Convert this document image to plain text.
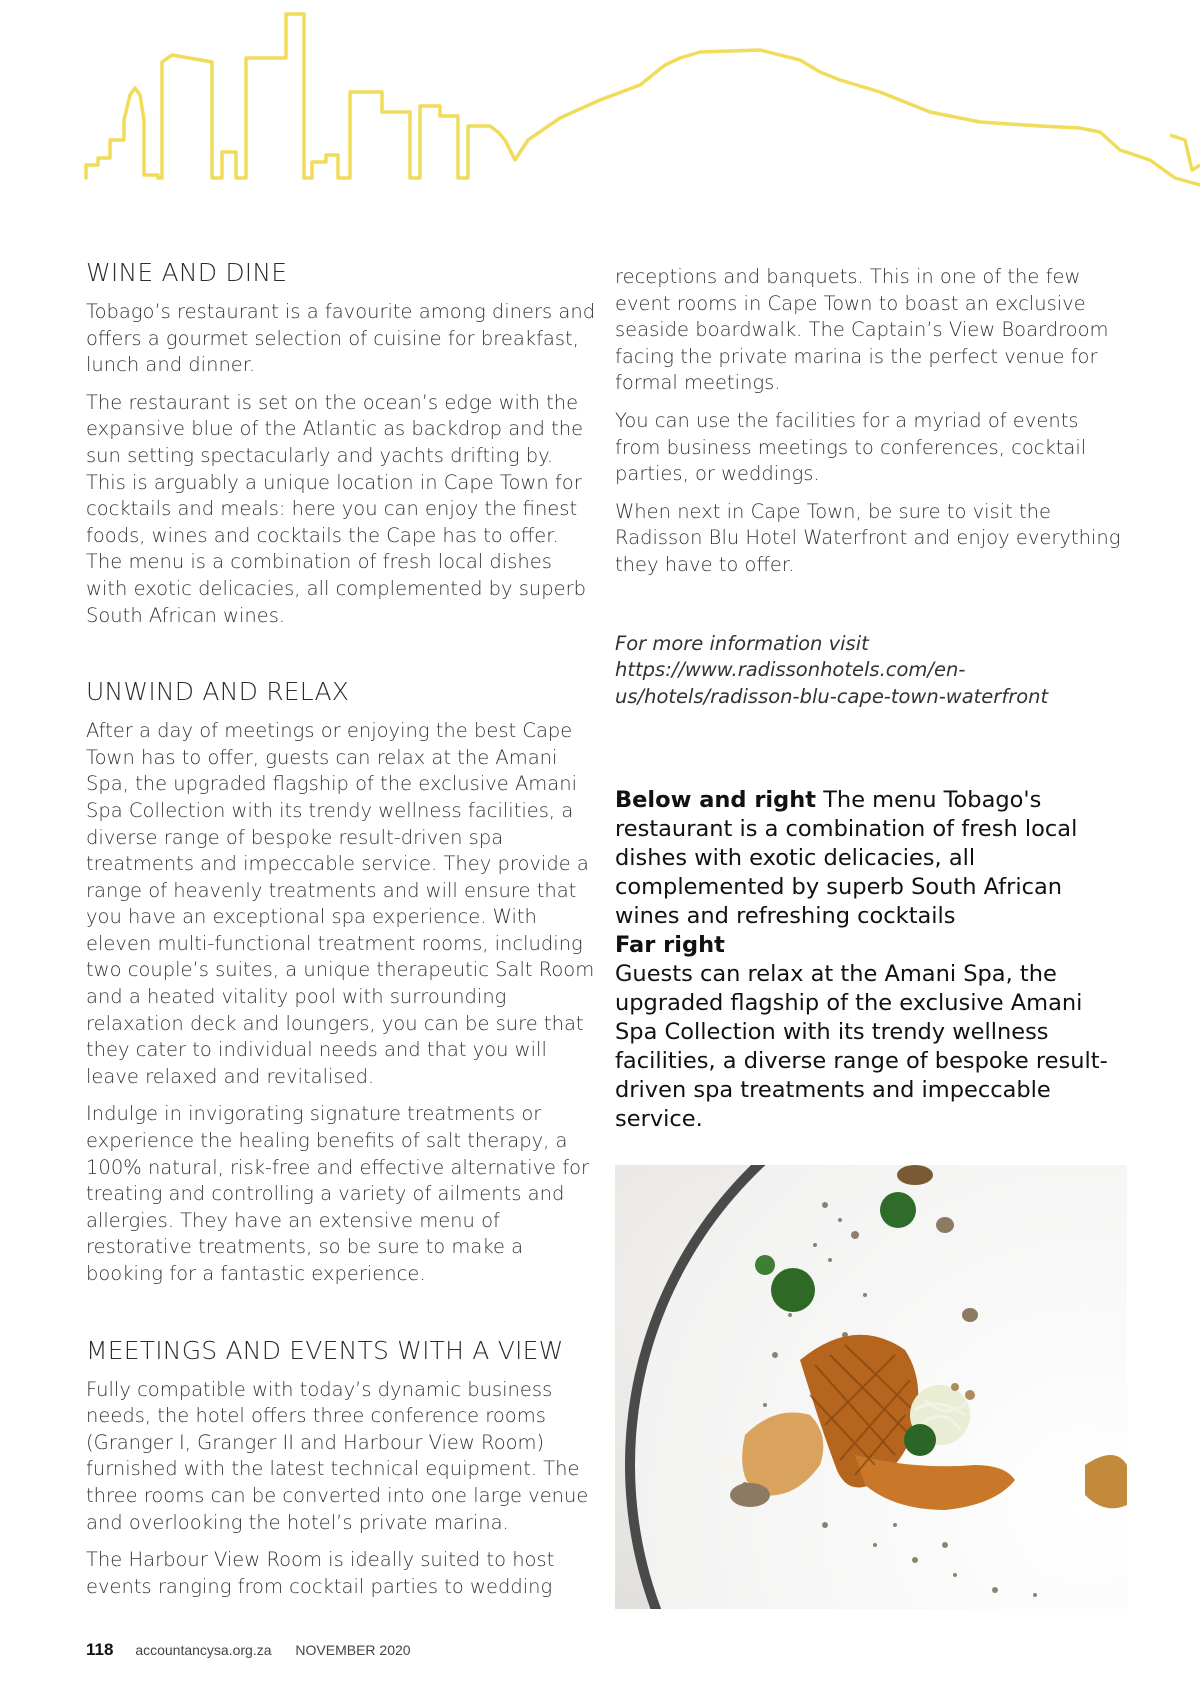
WINE AND DINE

Tobago’s restaurant is a favourite among diners and offers a gourmet selection of cuisine for breakfast, lunch and dinner.

The restaurant is set on the ocean’s edge with the expansive blue of the Atlantic as backdrop and the sun setting spectacularly and yachts drifting by. This is arguably a unique location in Cape Town for cocktails and meals: here you can enjoy the finest foods, wines and cocktails the Cape has to offer. The menu is a combination of fresh local dishes with exotic delicacies, all complemented by superb South African wines.

UNWIND AND RELAX

After a day of meetings or enjoying the best Cape Town has to offer, guests can relax at the Amani Spa, the upgraded flagship of the exclusive Amani Spa Collection with its trendy wellness facilities, a diverse range of bespoke result-driven spa treatments and impeccable service. They provide a range of heavenly treatments and will ensure that you have an exceptional spa experience. With eleven multi-functional treatment rooms, including two couple’s suites, a unique therapeutic Salt Room and a heated vitality pool with surrounding relaxation deck and loungers, you can be sure that they cater to individual needs and that you will leave relaxed and revitalised.

Indulge in invigorating signature treatments or experience the healing benefits of salt therapy, a 100% natural, risk-free and effective alternative for treating and controlling a variety of ailments and allergies. They have an extensive menu of restorative treatments, so be sure to make a booking for a fantastic experience.

MEETINGS AND EVENTS WITH A VIEW

Fully compatible with today’s dynamic business needs, the hotel offers three conference rooms (Granger I, Granger II and Harbour View Room) furnished with the latest technical equipment. The three rooms can be converted into one large venue and overlooking the hotel’s private marina.

The Harbour View Room is ideally suited to host events ranging from cocktail parties to wedding

receptions and banquets. This in one of the few event rooms in Cape Town to boast an exclusive seaside boardwalk. The Captain’s View Boardroom facing the private marina is the perfect venue for formal meetings.

You can use the facilities for a myriad of events from business meetings to conferences, cocktail parties, or weddings.

When next in Cape Town, be sure to visit the Radisson Blu Hotel Waterfront and enjoy everything they have to offer.

For more information visit https://www.radissonhotels.com/en-us/hotels/radisson-blu-cape-town-waterfront

Below and right The menu Tobago's restaurant is a combination of fresh local dishes with exotic delicacies, all complemented by superb South African wines and refreshing cocktails
Far right
Guests can relax at the Amani Spa, the upgraded flagship of the exclusive Amani Spa Collection with its trendy wellness facilities, a diverse range of bespoke result-driven spa treatments and impeccable service.
118 accountancysa.org.za NOVEMBER 2020
